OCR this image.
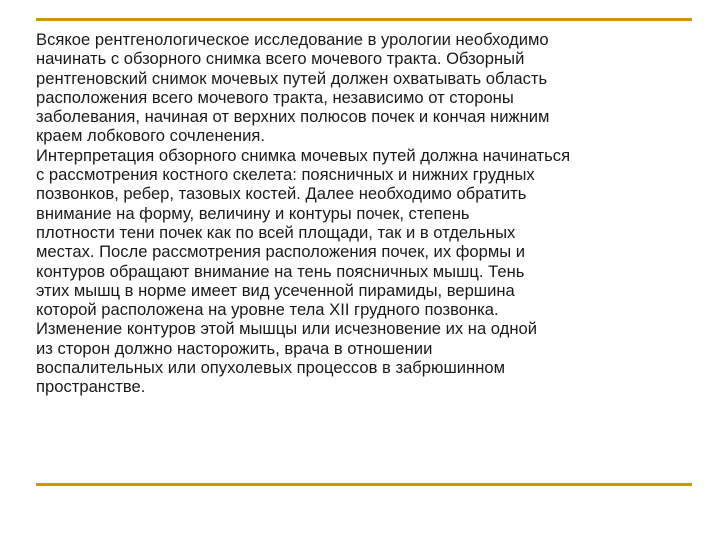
Всякое рентгенологическое исследование в урологии необходимо
начинать с обзорного снимка всего мочевого тракта. Обзорный
рентгеновский снимок мочевых путей должен охватывать область
расположения всего мочевого тракта, независимо от стороны
заболевания, начиная от верхних полюсов почек и кончая нижним
краем лобкового сочленения.

Интерпретация обзорного снимка мочевых путей должна начинаться
с рассмотрения костного скелета: поясничных и нижних грудных
позвонков, ребер, тазовых костей. Далее необходимо обратить
внимание на форму, величину и контуры почек, степень
плотности тени почек как по всей площади, так и в отдельных
местах. После рассмотрения расположения почек, их формы и
контуров обращают внимание на тень поясничных мышц. Тень
этих мышц в норме имеет вид усеченной пирамиды, вершина
которой расположена на уровне тела XII грудного позвонка.
Изменение контуров этой мышцы или исчезновение их на одной
из сторон должно насторожить, врача в отношении
воспалительных или опухолевых процессов в забрюшинном
пространстве.
